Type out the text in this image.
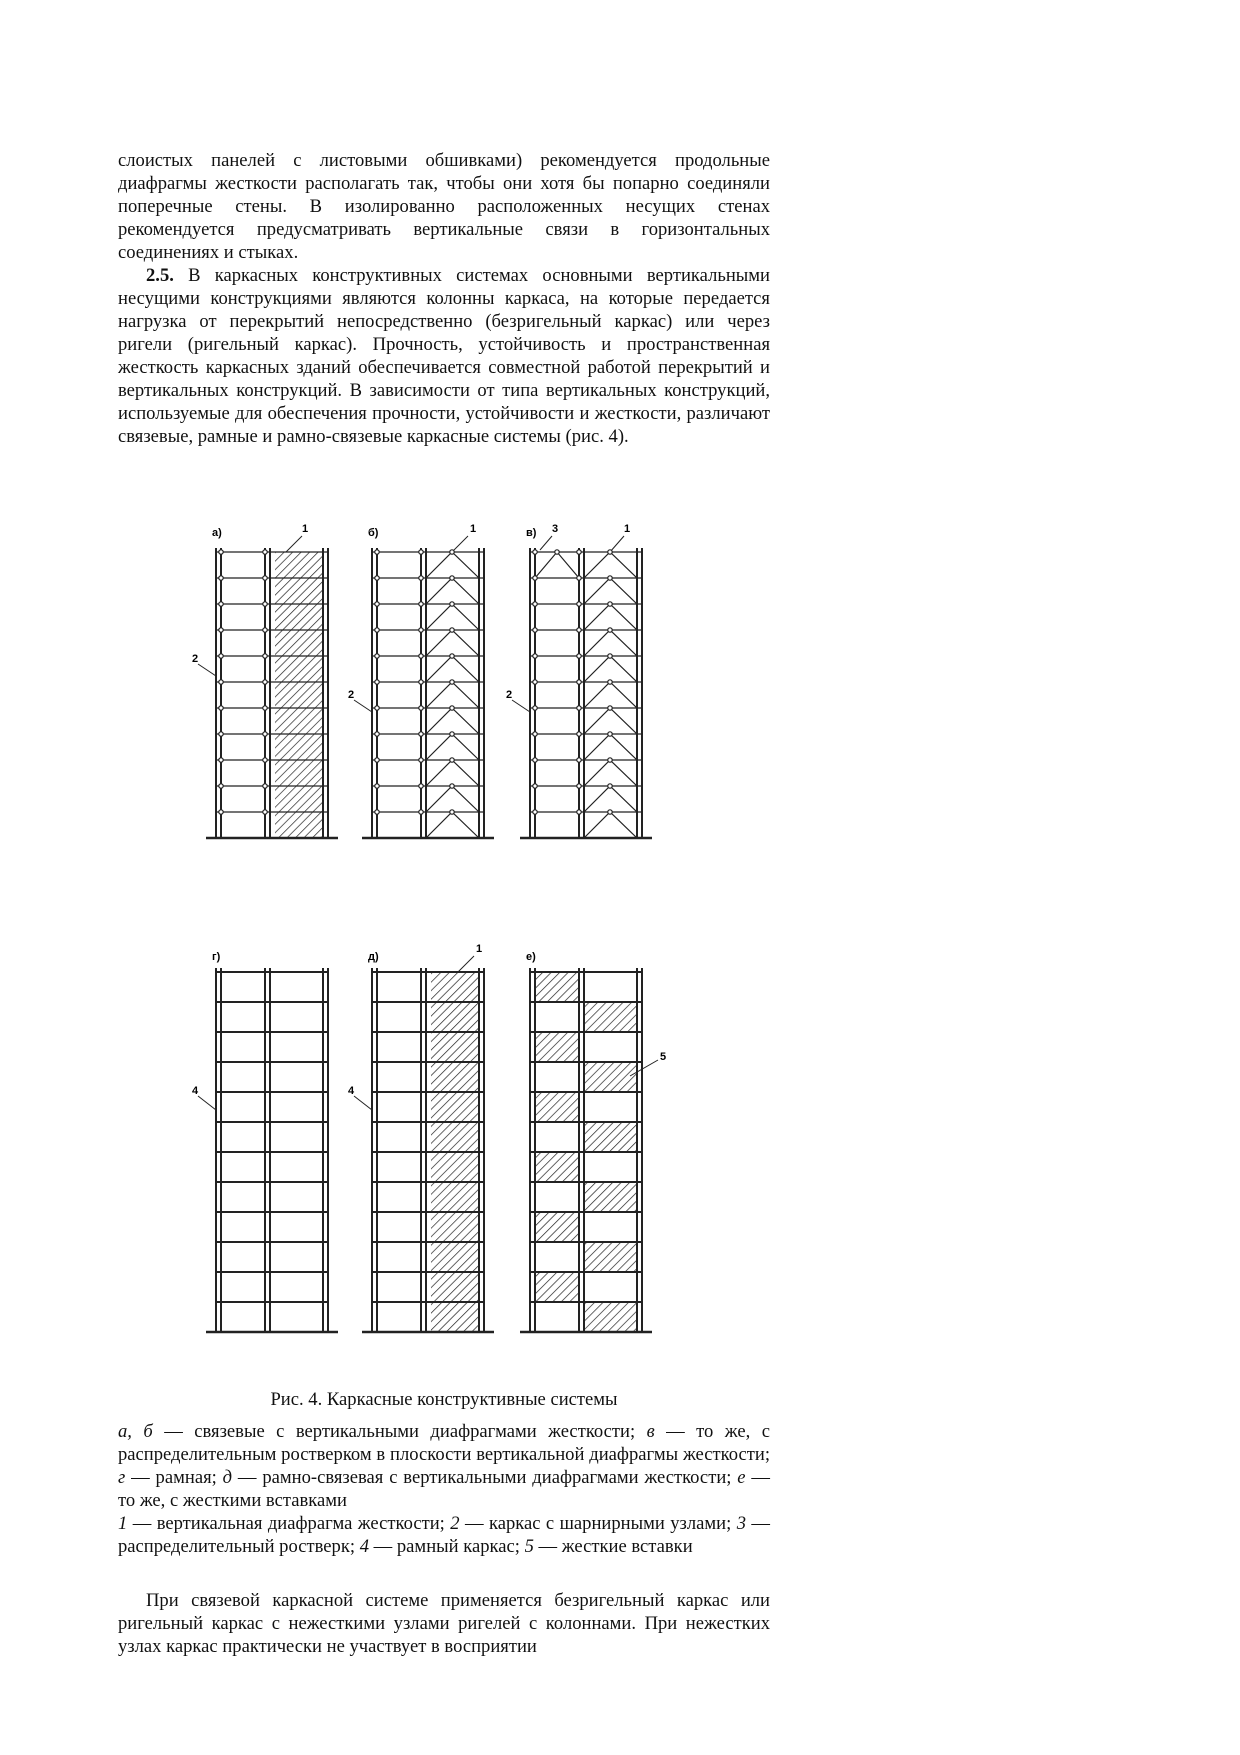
слоистых панелей с листовыми обшивками) рекомендуется продольные диафрагмы жесткости располагать так, чтобы они хотя бы попарно соединяли поперечные стены. В изолированно расположенных несущих стенах рекомендуется предусматривать вертикальные связи в горизонтальных соединениях и стыках.

2.5. В каркасных конструктивных системах основными вертикальными несущими конструкциями являются колонны каркаса, на которые передается нагрузка от перекрытий непосредственно (безригельный каркас) или через ригели (ригельный каркас). Прочность, устойчивость и пространственная жесткость каркасных зданий обеспечивается совместной работой перекрытий и вертикальных конструкций. В зависимости от типа вертикальных конструкций, используемые для обеспечения прочности, устойчивости и жесткости, различают связевые, рамные и рамно-связевые каркасные системы (рис. 4).

а)	1
2
б)	1
2
в) 3	1
2
г)
4
д)
1
4
е)
5
Рис. 4. Каркасные конструктивные системы

а, б — связевые с вертикальными диафрагмами жесткости; в — то же, с распределительным ростверком в плоскости вертикальной диафрагмы жесткости; г — рамная; д — рамно-связевая с вертикальными диафрагмами жесткости; е — то же, с жесткими вставками

1 — вертикальная диафрагма жесткости; 2 — каркас с шарнирными узлами; 3 — распределительный ростверк; 4 — рамный каркас; 5 — жесткие вставки

При связевой каркасной системе применяется безригельный каркас или ригельный каркас с нежесткими узлами ригелей с колоннами. При нежестких узлах каркас практически не участвует в восприятии
